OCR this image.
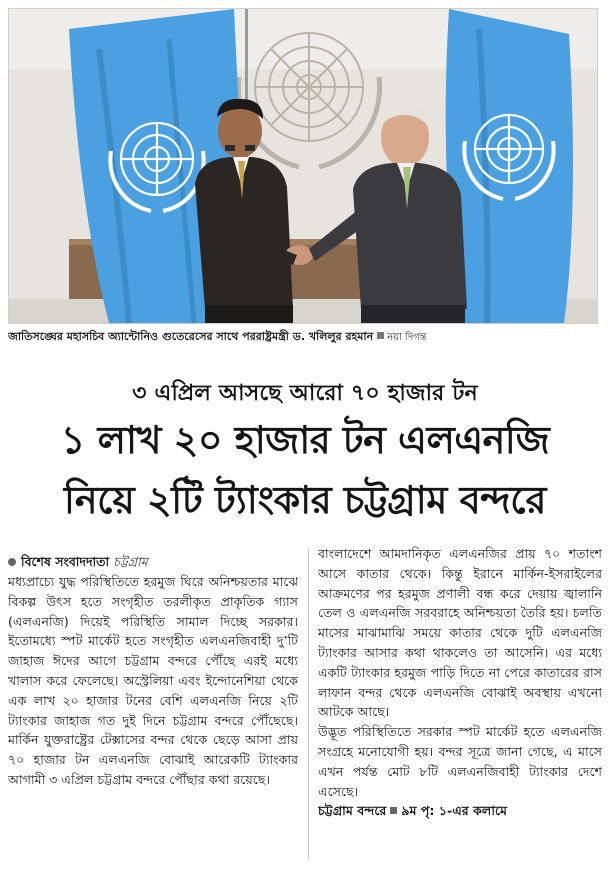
জাতিসঙ্ঘের মহাসচিব অ্যান্টোনিও গুতেরেসের সাথে পররাষ্ট্রমন্ত্রী ড. খলিলুর রহমান নয়া দিগন্ত
৩ এপ্রিল আসছে আরো ৭০ হাজার টন
১ লাখ ২০ হাজার টন এলএনজি
নিয়ে ২টি ট্যাংকার চট্টগ্রাম বন্দরে
বিশেষ সংবাদদাতা চট্টগ্রাম

মধ্যপ্রাচ্যে যুদ্ধ পরিস্থিতিতে হরমুজ ঘিরে অনিশ্চয়তার মাঝে বিকল্প উৎস হতে সংগৃহীত তরলীকৃত প্রাকৃতিক গ্যাস (এলএনজি) দিয়েই পরিস্থিতি সামাল দিচ্ছে সরকার। ইতোমধ্যে স্পট মার্কেট হতে সংগৃহীত এলএনজিবাহী দু’টি জাহাজ ঈদের আগে চট্টগ্রাম বন্দরে পৌঁছে এরই মধ্যে খালাস করে ফেলেছে। অস্ট্রেলিয়া এবং ইন্দোনেশিয়া থেকে এক লাখ ২০ হাজার টনের বেশি এলএনজি নিয়ে ২টি ট্যাংকার জাহাজ গত দুই দিনে চট্টগ্রাম বন্দরে পৌঁছেছে। মার্কিন যুক্তরাষ্ট্রের টেক্সাসের বন্দর থেকে ছেড়ে আসা প্রায় ৭০ হাজার টন এলএনজি বোঝাই আরেকটি ট্যাংকার আগামী ৩ এপ্রিল চট্টগ্রাম বন্দরে পৌঁছার কথা রয়েছে।

বাংলাদেশে আমদানিকৃত এলএনজির প্রায় ৭০ শতাংশ আসে কাতার থেকে। কিন্তু ইরানে মার্কিন-ইসরাইলের আক্রমণের পর হরমুজ প্রণালী বন্ধ করে দেয়ায় জ্বালানি তেল ও এলএনজি সরবরাহে অনিশ্চয়তা তৈরি হয়। চলতি মাসের মাঝামাঝি সময়ে কাতার থেকে দুটি এলএনজি ট্যাংকার আসার কথা থাকলেও তা আসেনি। এর মধ্যে একটি ট্যাংকার হরমুজ পাড়ি দিতে না পেরে কাতারের রাস লাফান বন্দর থেকে এলএনজি বোঝাই অবস্থায় এখনো আটকে আছে।

উদ্ভূত পরিস্থিতিতে সরকার স্পট মার্কেট হতে এলএনজি সংগ্রহে মনোযোগী হয়। বন্দর সূত্রে জানা গেছে, এ মাসে এখন পর্যন্ত মোট ৮টি এলএনজিবাহী ট্যাংকার দেশে এসেছে।

চট্টগ্রাম বন্দরে ৯ম পৃ: ১-এর কলামে
